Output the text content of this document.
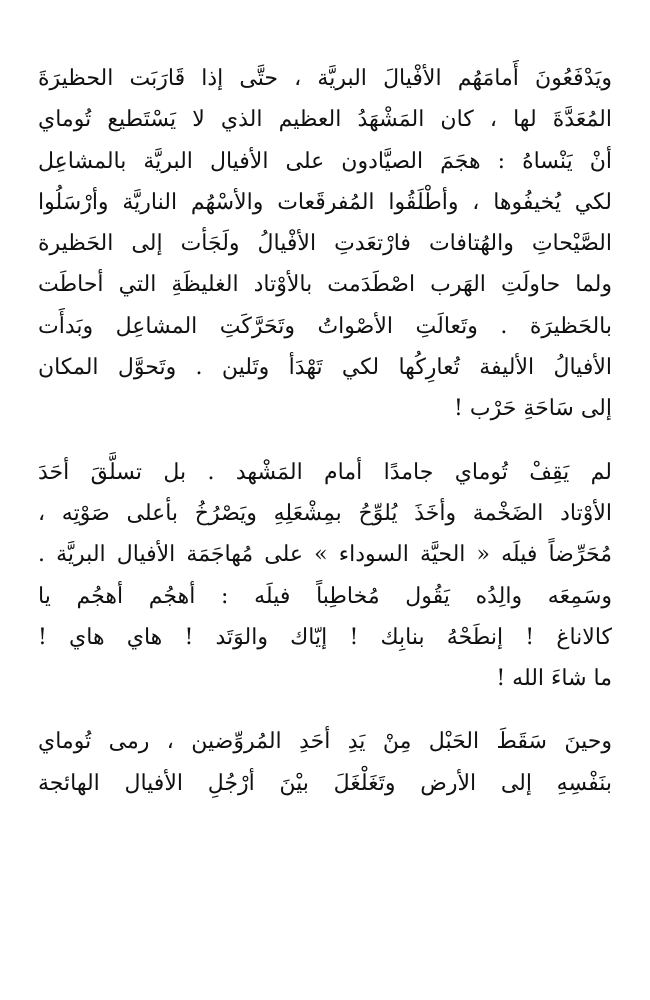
ويَدْفَعُونَ أَمامَهُم الأفْيالَ البريَّة ، حتَّى إذا قَارَبَت الحظيرَةَ
المُعَدَّةَ لها ، كان المَشْهَدُ العظيم الذي لا يَسْتَطيع تُوماي
أنْ يَنْساهُ : هجَمَ الصيَّادون على الأفيال البريَّة بالمشاعِل
لكي يُخيفُوها ، وأطْلَقُوا المُفرقَعات والأسْهُم الناريَّة وأرْسَلُوا
الصَّيْحاتِ والهُتافات فارْتعَدتِ الأفْيالُ ولَجَأت إلى الحَظيرة
ولما حاولَتِ الهَرب اصْطَدَمت بالأوْتاد الغليظَةِ التي أحاطَت
بالحَظيرَة . وتَعالَتِ الأصْواتُ وتَحَرَّكَتِ المشاعِل وبَدأَت
الأفيالُ الأليفة تُعارِكُها لكي تَهْدَأ وتَلين . وتَحوَّل المكان
إلى سَاحَةِ حَرْب !
لم يَقِفْ تُوماي جامدًا أمام المَشْهد . بل تسلَّقَ أحَدَ
الأوْتاد الضَخْمة وأخَذَ يُلوِّحُ بمِشْعَلِهِ ويَصْرُخُ بأعلى صَوْتِه ،
مُحَرِّضاً فيلَه « الحيَّة السوداء » على مُهاجَمَة الأفيال البريَّة .
وسَمِعَه والِدُه يَقُول مُخاطِباً فيلَه : أهجُم أهجُم يا
كالاناغ ! إنطَحْهُ بنابِك ! إيّاك والوَتَد ! هاي هاي !
ما شاءَ الله !
وحينَ سَقَطَ الحَبْل مِنْ يَدِ أحَدِ المُروِّضين ، رمى تُوماي
بنَفْسِهِ إلى الأرض وتَغَلْغَلَ بيْنَ أرْجُلِ الأفيال الهائجة
